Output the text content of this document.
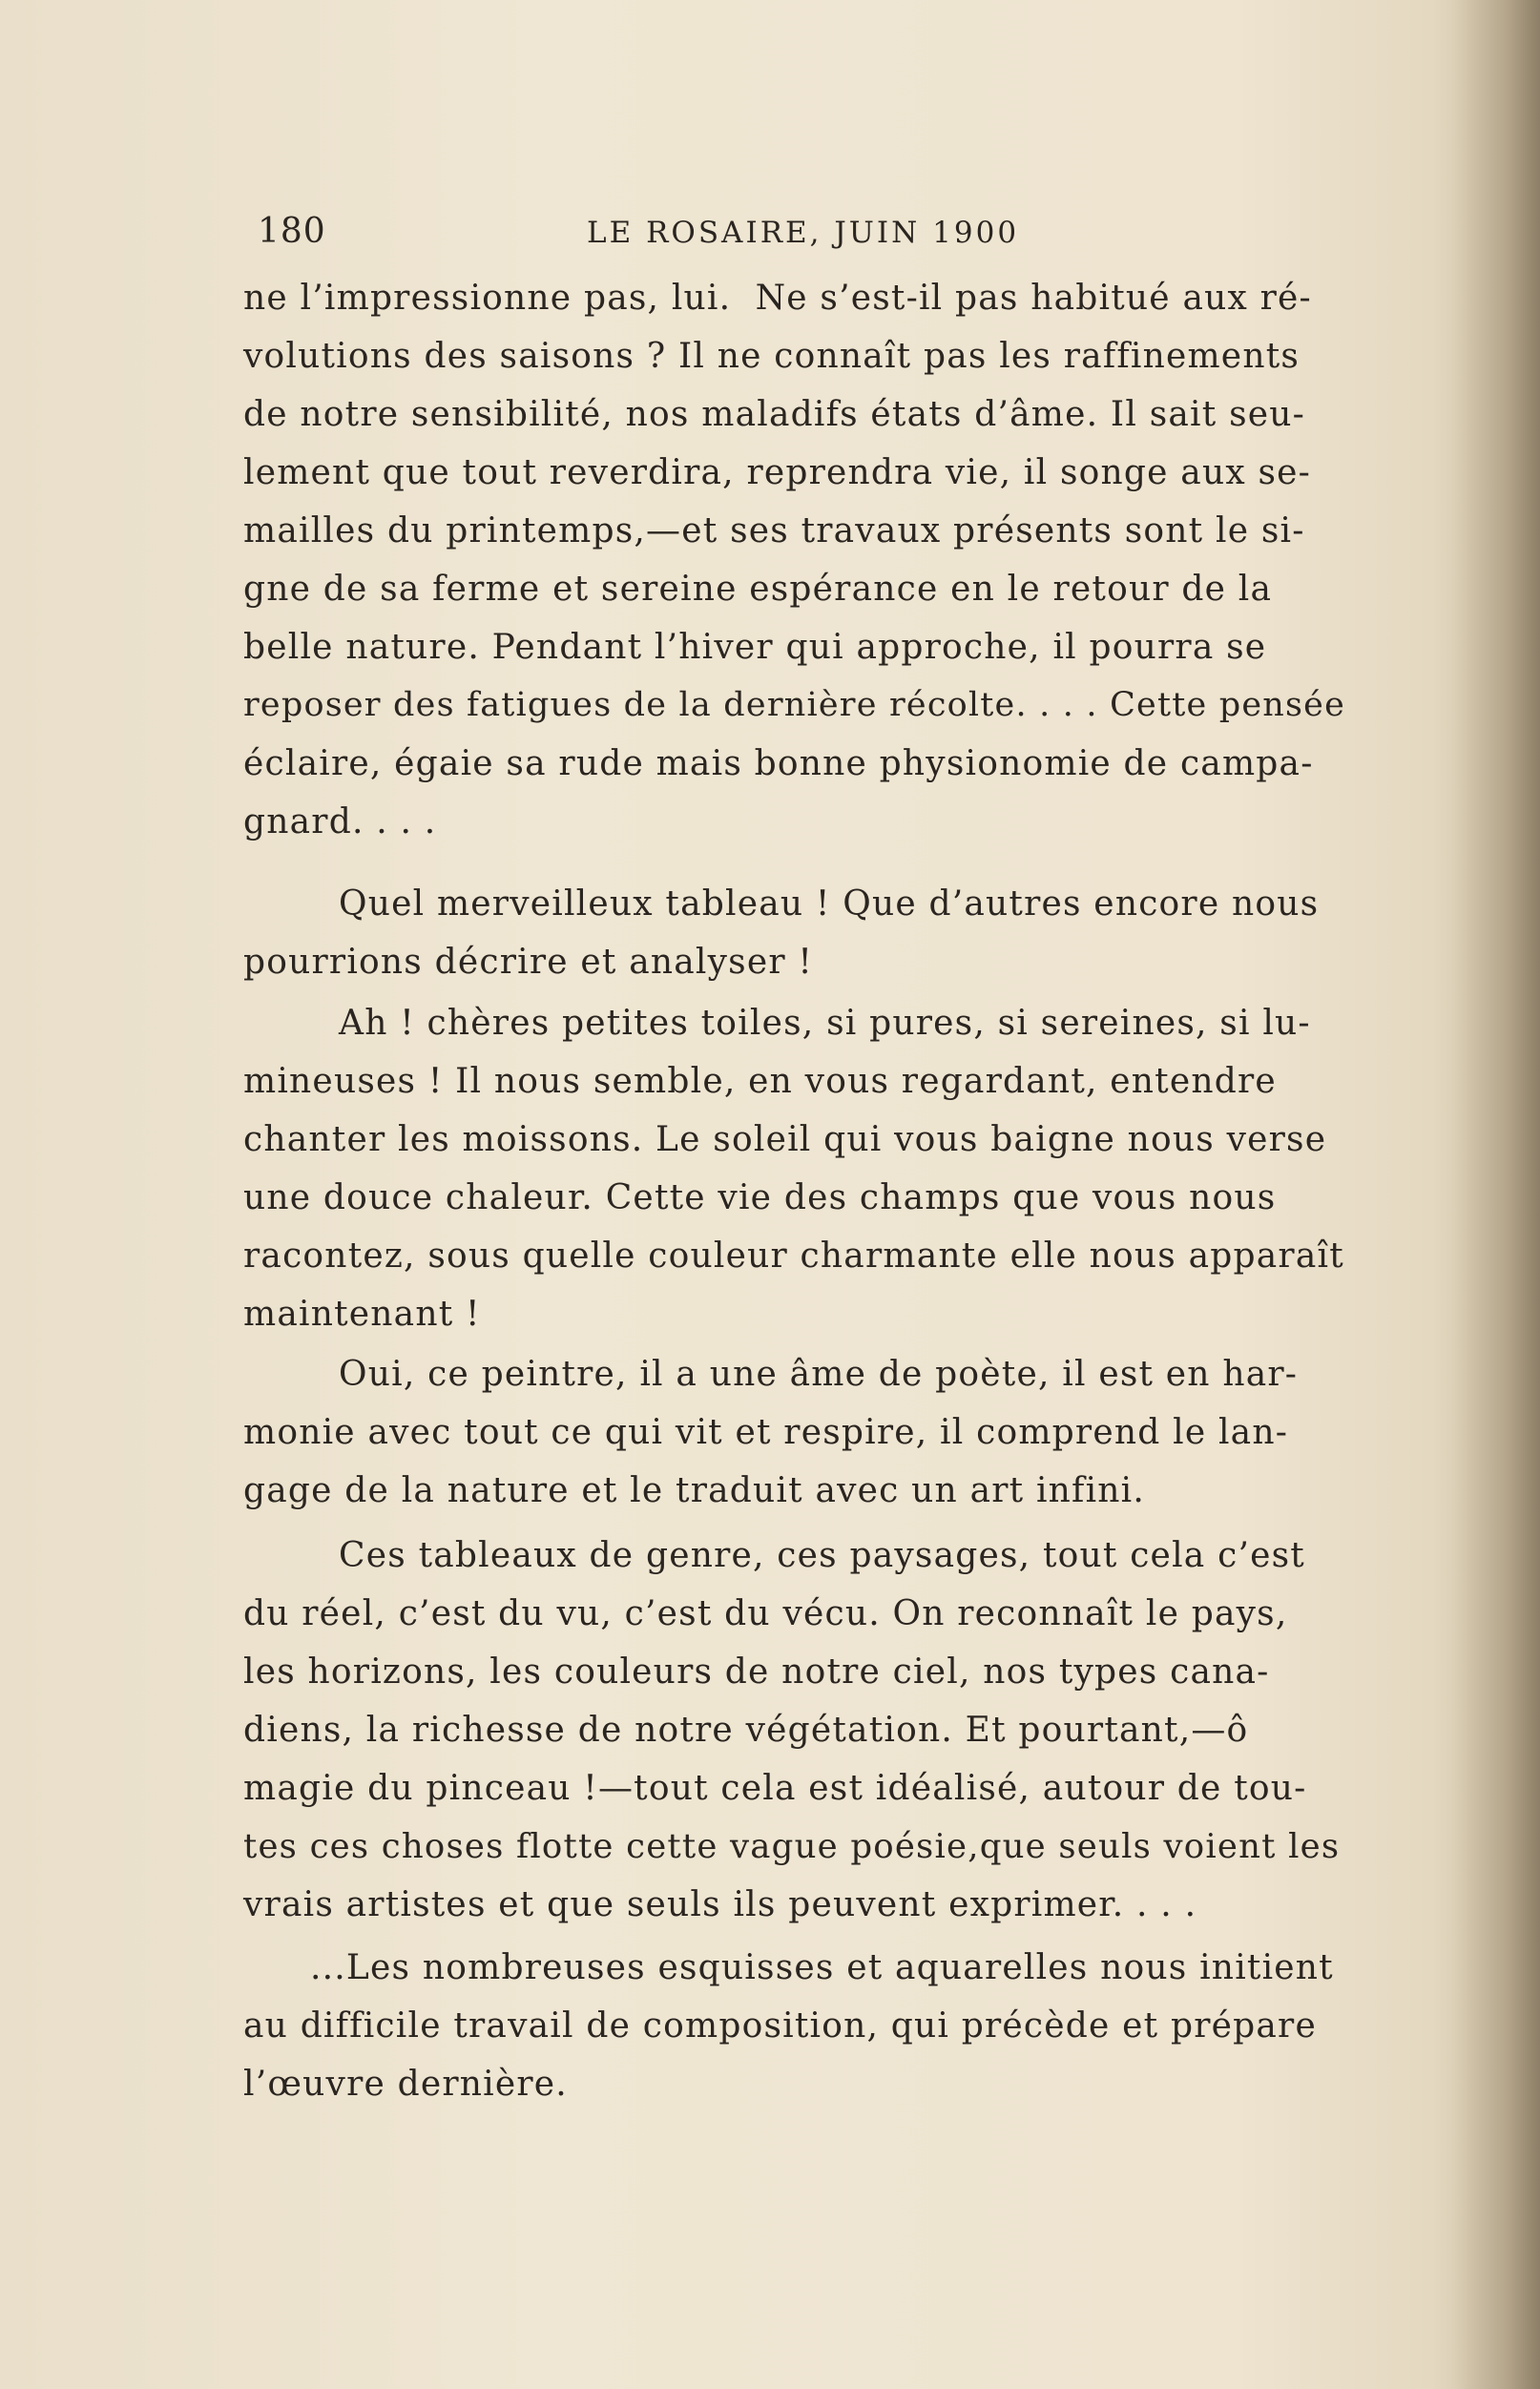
180	LE ROSAIRE, JUIN 1900
ne l’impressionne pas, lui.  Ne s’est-il pas habitué aux ré-
volutions des saisons ? Il ne connaît pas les raffinements
de notre sensibilité, nos maladifs états d’âme. Il sait seu-
lement que tout reverdira, reprendra vie, il songe aux se-
mailles du printemps,—et ses travaux présents sont le si-
gne de sa ferme et sereine espérance en le retour de la
belle nature. Pendant l’hiver qui approche, il pourra se
reposer des fatigues de la dernière récolte. . . . Cette pensée
éclaire, égaie sa rude mais bonne physionomie de campa-
gnard. . . .
Quel merveilleux tableau ! Que d’autres encore nous
pourrions décrire et analyser !
Ah ! chères petites toiles, si pures, si sereines, si lu-
mineuses ! Il nous semble, en vous regardant, entendre
chanter les moissons. Le soleil qui vous baigne nous verse
une douce chaleur. Cette vie des champs que vous nous
racontez, sous quelle couleur charmante elle nous apparaît
maintenant !
Oui, ce peintre, il a une âme de poète, il est en har-
monie avec tout ce qui vit et respire, il comprend le lan-
gage de la nature et le traduit avec un art infini.
Ces tableaux de genre, ces paysages, tout cela c’est
du réel, c’est du vu, c’est du vécu. On reconnaît le pays,
les horizons, les couleurs de notre ciel, nos types cana-
diens, la richesse de notre végétation. Et pourtant,—ô
magie du pinceau !—tout cela est idéalisé, autour de tou-
tes ces choses flotte cette vague poésie,que seuls voient les
vrais artistes et que seuls ils peuvent exprimer. . . .
...Les nombreuses esquisses et aquarelles nous initient
au difficile travail de composition, qui précède et prépare
l’œuvre dernière.
